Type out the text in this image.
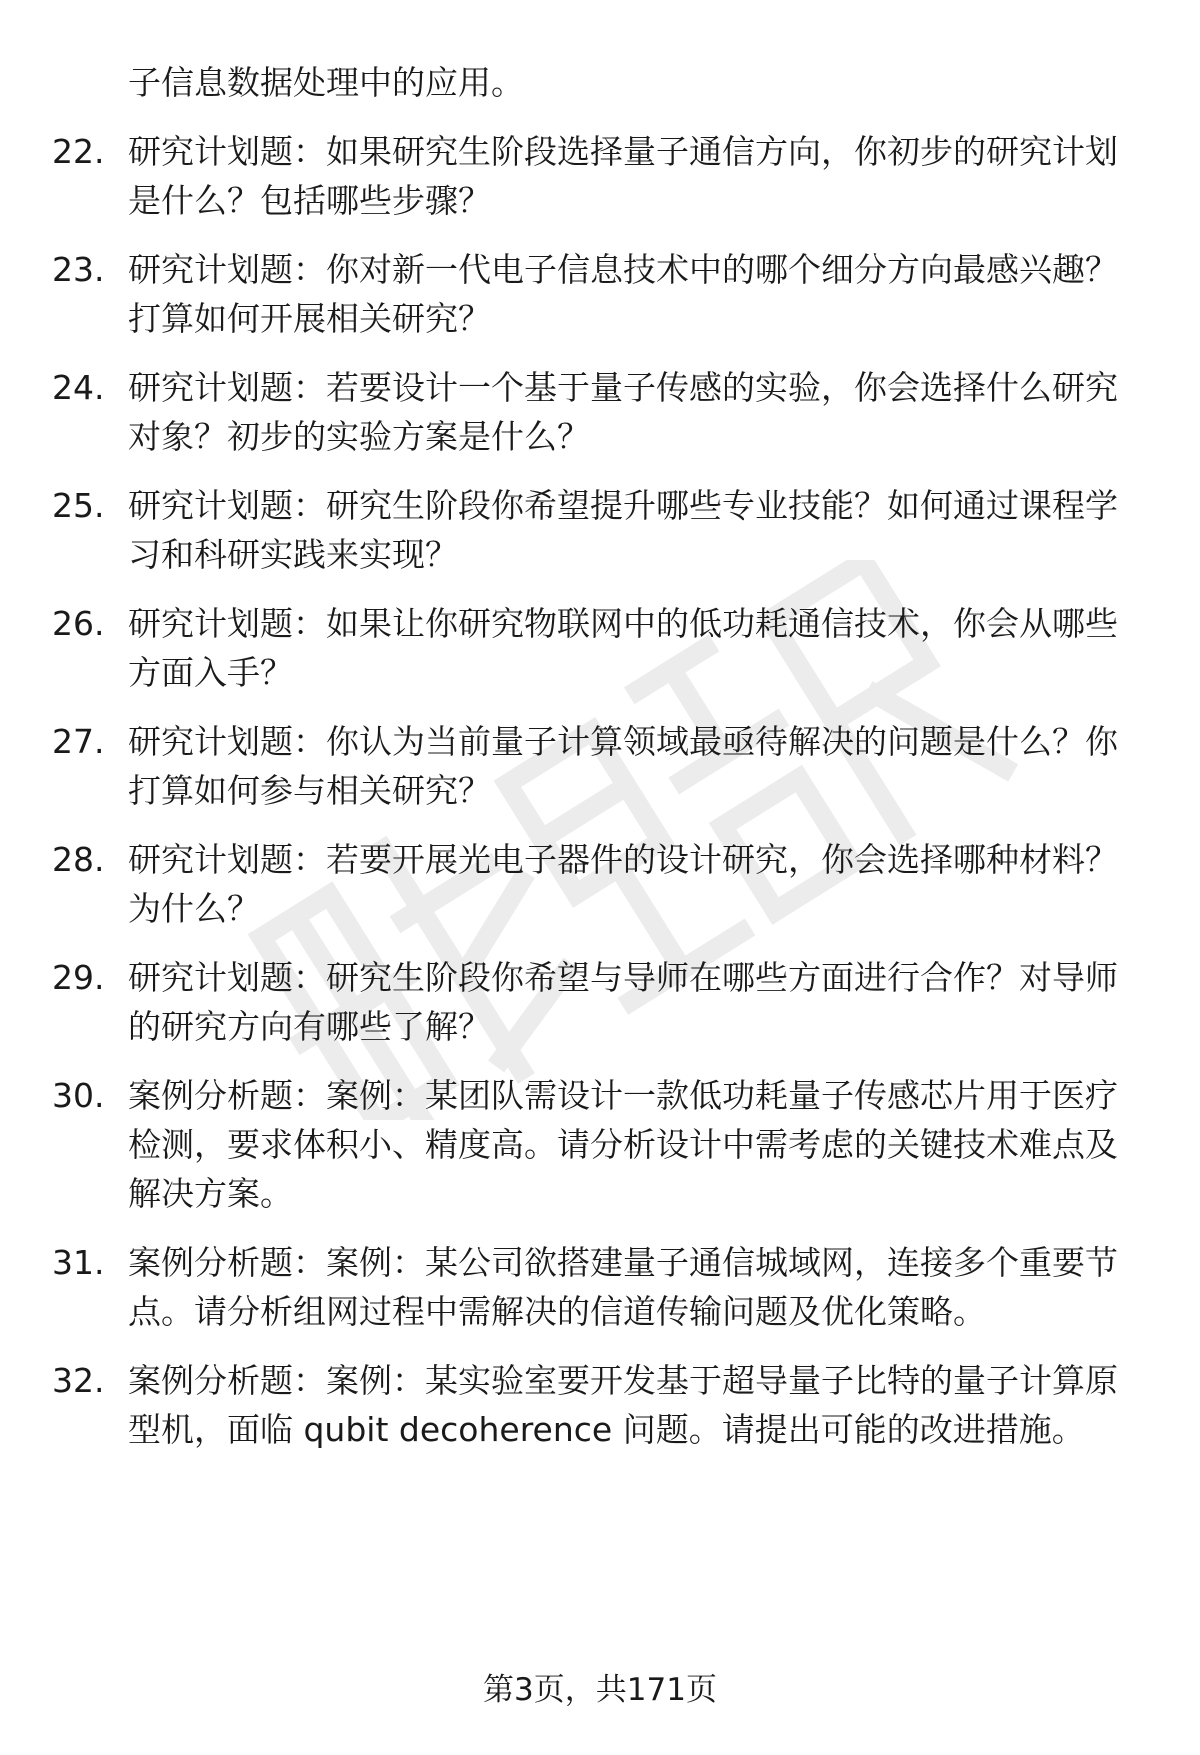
子信息数据处理中的应用。
22. 研究计划题：如果研究生阶段选择量子通信方向，你初步的研究计划是什么？包括哪些步骤？
23. 研究计划题：你对新一代电子信息技术中的哪个细分方向最感兴趣？打算如何开展相关研究？
24. 研究计划题：若要设计一个基于量子传感的实验，你会选择什么研究对象？初步的实验方案是什么？
25. 研究计划题：研究生阶段你希望提升哪些专业技能？如何通过课程学习和科研实践来实现？
26. 研究计划题：如果让你研究物联网中的低功耗通信技术，你会从哪些方面入手？
27. 研究计划题：你认为当前量子计算领域最亟待解决的问题是什么？你打算如何参与相关研究？
28. 研究计划题：若要开展光电子器件的设计研究，你会选择哪种材料？为什么？
29. 研究计划题：研究生阶段你希望与导师在哪些方面进行合作？对导师的研究方向有哪些了解？
30. 案例分析题：案例：某团队需设计一款低功耗量子传感芯片用于医疗检测，要求体积小、精度高。请分析设计中需考虑的关键技术难点及解决方案。
31. 案例分析题：案例：某公司欲搭建量子通信城域网，连接多个重要节点。请分析组网过程中需解决的信道传输问题及优化策略。
32. 案例分析题：案例：某实验室要开发基于超导量子比特的量子计算原型机，面临 qubit decoherence 问题。请提出可能的改进措施。
第3页，共171页
